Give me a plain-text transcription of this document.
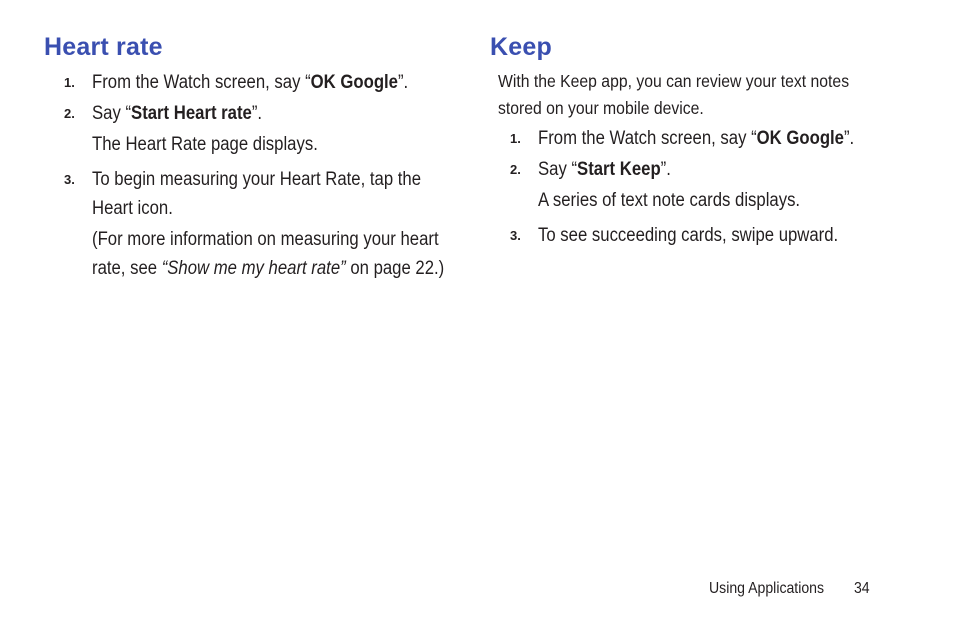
Heart rate
1. From the Watch screen, say “OK Google”.
2. Say “Start Heart rate”.
The Heart Rate page displays.
3. To begin measuring your Heart Rate, tap the Heart icon.
(For more information on measuring your heart rate, see “Show me my heart rate” on page 22.)
Keep
With the Keep app, you can review your text notes stored on your mobile device.
1. From the Watch screen, say “OK Google”.
2. Say “Start Keep”.
A series of text note cards displays.
3. To see succeeding cards, swipe upward.
Using Applications 34
